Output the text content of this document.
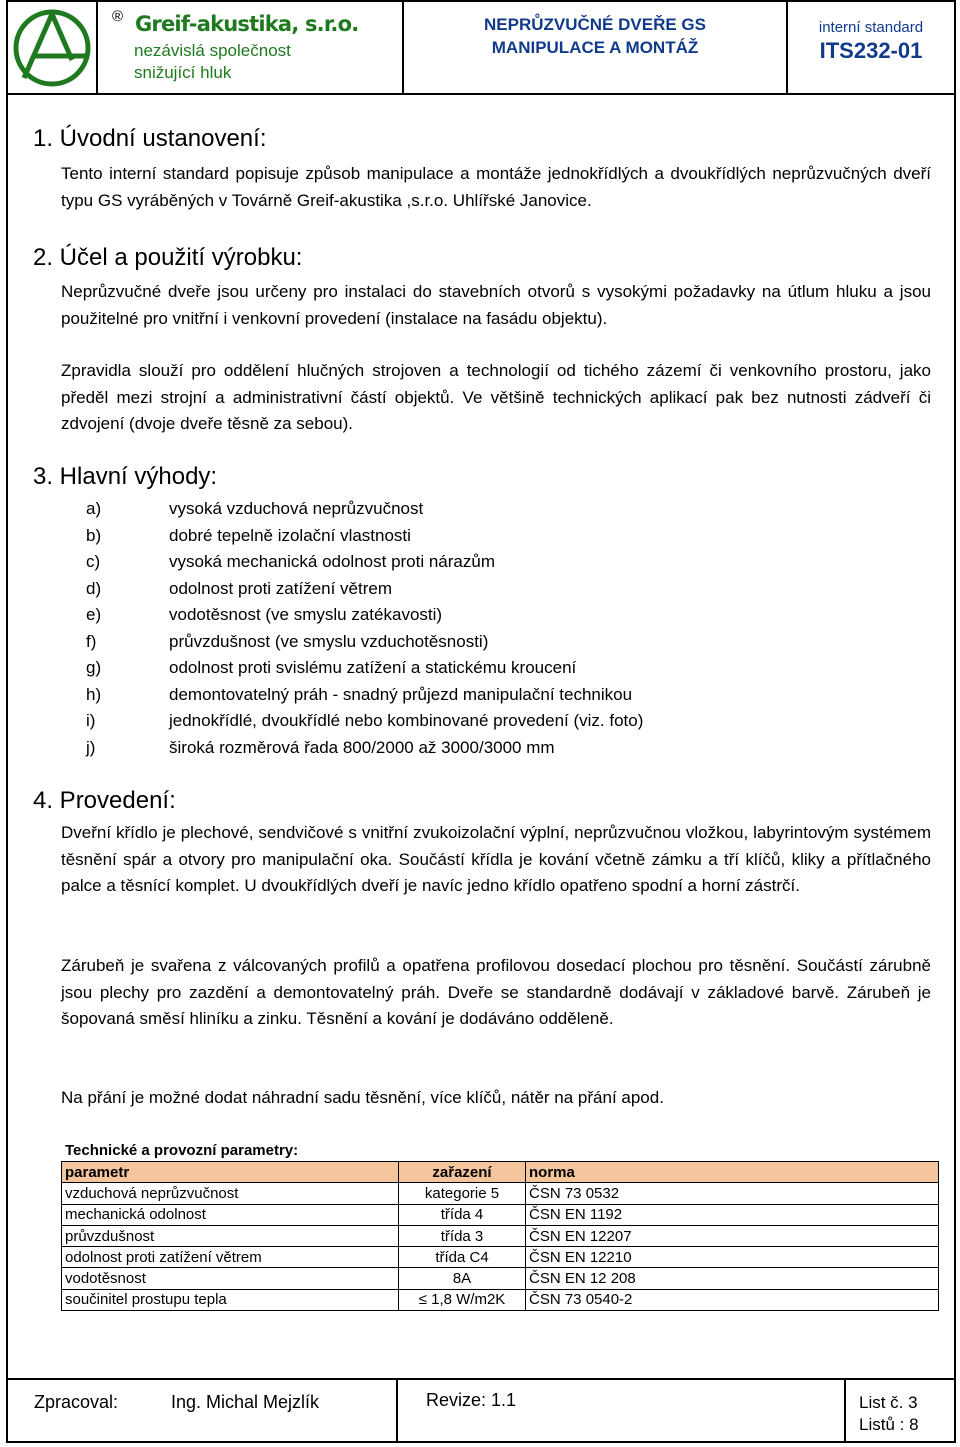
AG
® Greif-akustika, s.r.o.
nezávislá společnost
snižující hluk
NEPRŮZVUČNÉ DVEŘE GS
MANIPULACE A MONTÁŽ
interní standard
ITS232-01
1. Úvodní ustanovení:
Tento interní standard popisuje způsob manipulace a montáže jednokřídlých a dvoukřídlých neprůzvučných dveří typu GS vyráběných v Továrně Greif-akustika ,s.r.o. Uhlířské Janovice.
2. Účel a použití výrobku:
Neprůzvučné dveře jsou určeny pro instalaci do stavebních otvorů s vysokými požadavky na útlum hluku a jsou použitelné pro vnitřní i venkovní provedení (instalace na fasádu objektu).
Zpravidla slouží pro oddělení hlučných strojoven a technologií od tichého zázemí či venkovního prostoru, jako předěl mezi strojní a administrativní částí objektů. Ve většině technických aplikací pak bez nutnosti zádveří či zdvojení (dvoje dveře těsně za sebou).
3. Hlavní výhody:
a)	vysoká vzduchová neprůzvučnost
b)	dobré tepelně izolační vlastnosti
c)	vysoká mechanická odolnost proti nárazům
d)	odolnost proti zatížení větrem
e)	vodotěsnost (ve smyslu zatékavosti)
f)	průvzdušnost (ve smyslu vzduchotěsnosti)
g)	odolnost proti svislému zatížení a statickému kroucení
h)	demontovatelný práh - snadný průjezd manipulační technikou
i)	jednokřídlé, dvoukřídlé nebo kombinované provedení (viz. foto)
j)	široká rozměrová řada 800/2000 až 3000/3000 mm
4. Provedení:
Dveřní křídlo je plechové, sendvičové s vnitřní zvukoizolační výplní, neprůzvučnou vložkou, labyrintovým systémem těsnění spár a otvory pro manipulační oka. Součástí křídla je kování včetně zámku a tří klíčů, kliky a přítlačného palce a těsnící komplet. U dvoukřídlých dveří je navíc jedno křídlo opatřeno spodní a horní zástrčí.
Zárubeň je svařena z válcovaných profilů a opatřena profilovou dosedací plochou pro těsnění. Součástí zárubně jsou plechy pro zazdění a demontovatelný práh. Dveře se standardně dodávají v základové barvě. Zárubeň je šopovaná směsí hliníku a zinku. Těsnění a kování je dodáváno odděleně.
Na přání je možné dodat náhradní sadu těsnění, více klíčů, nátěr na přání apod.
Technické a provozní parametry:
parametr	zařazení	norma
vzduchová neprůzvučnost	kategorie 5	ČSN 73 0532
mechanická odolnost	třída 4	ČSN EN 1192
průvzdušnost	třída 3	ČSN EN 12207
odolnost proti zatížení větrem	třída C4	ČSN EN 12210
vodotěsnost	8A	ČSN EN 12 208
součinitel prostupu tepla	≤ 1,8 W/m2K	ČSN 73 0540-2
Zpracoval:	Ing. Michal Mejzlík	Revize: 1.1	List č. 3
Listů : 8
